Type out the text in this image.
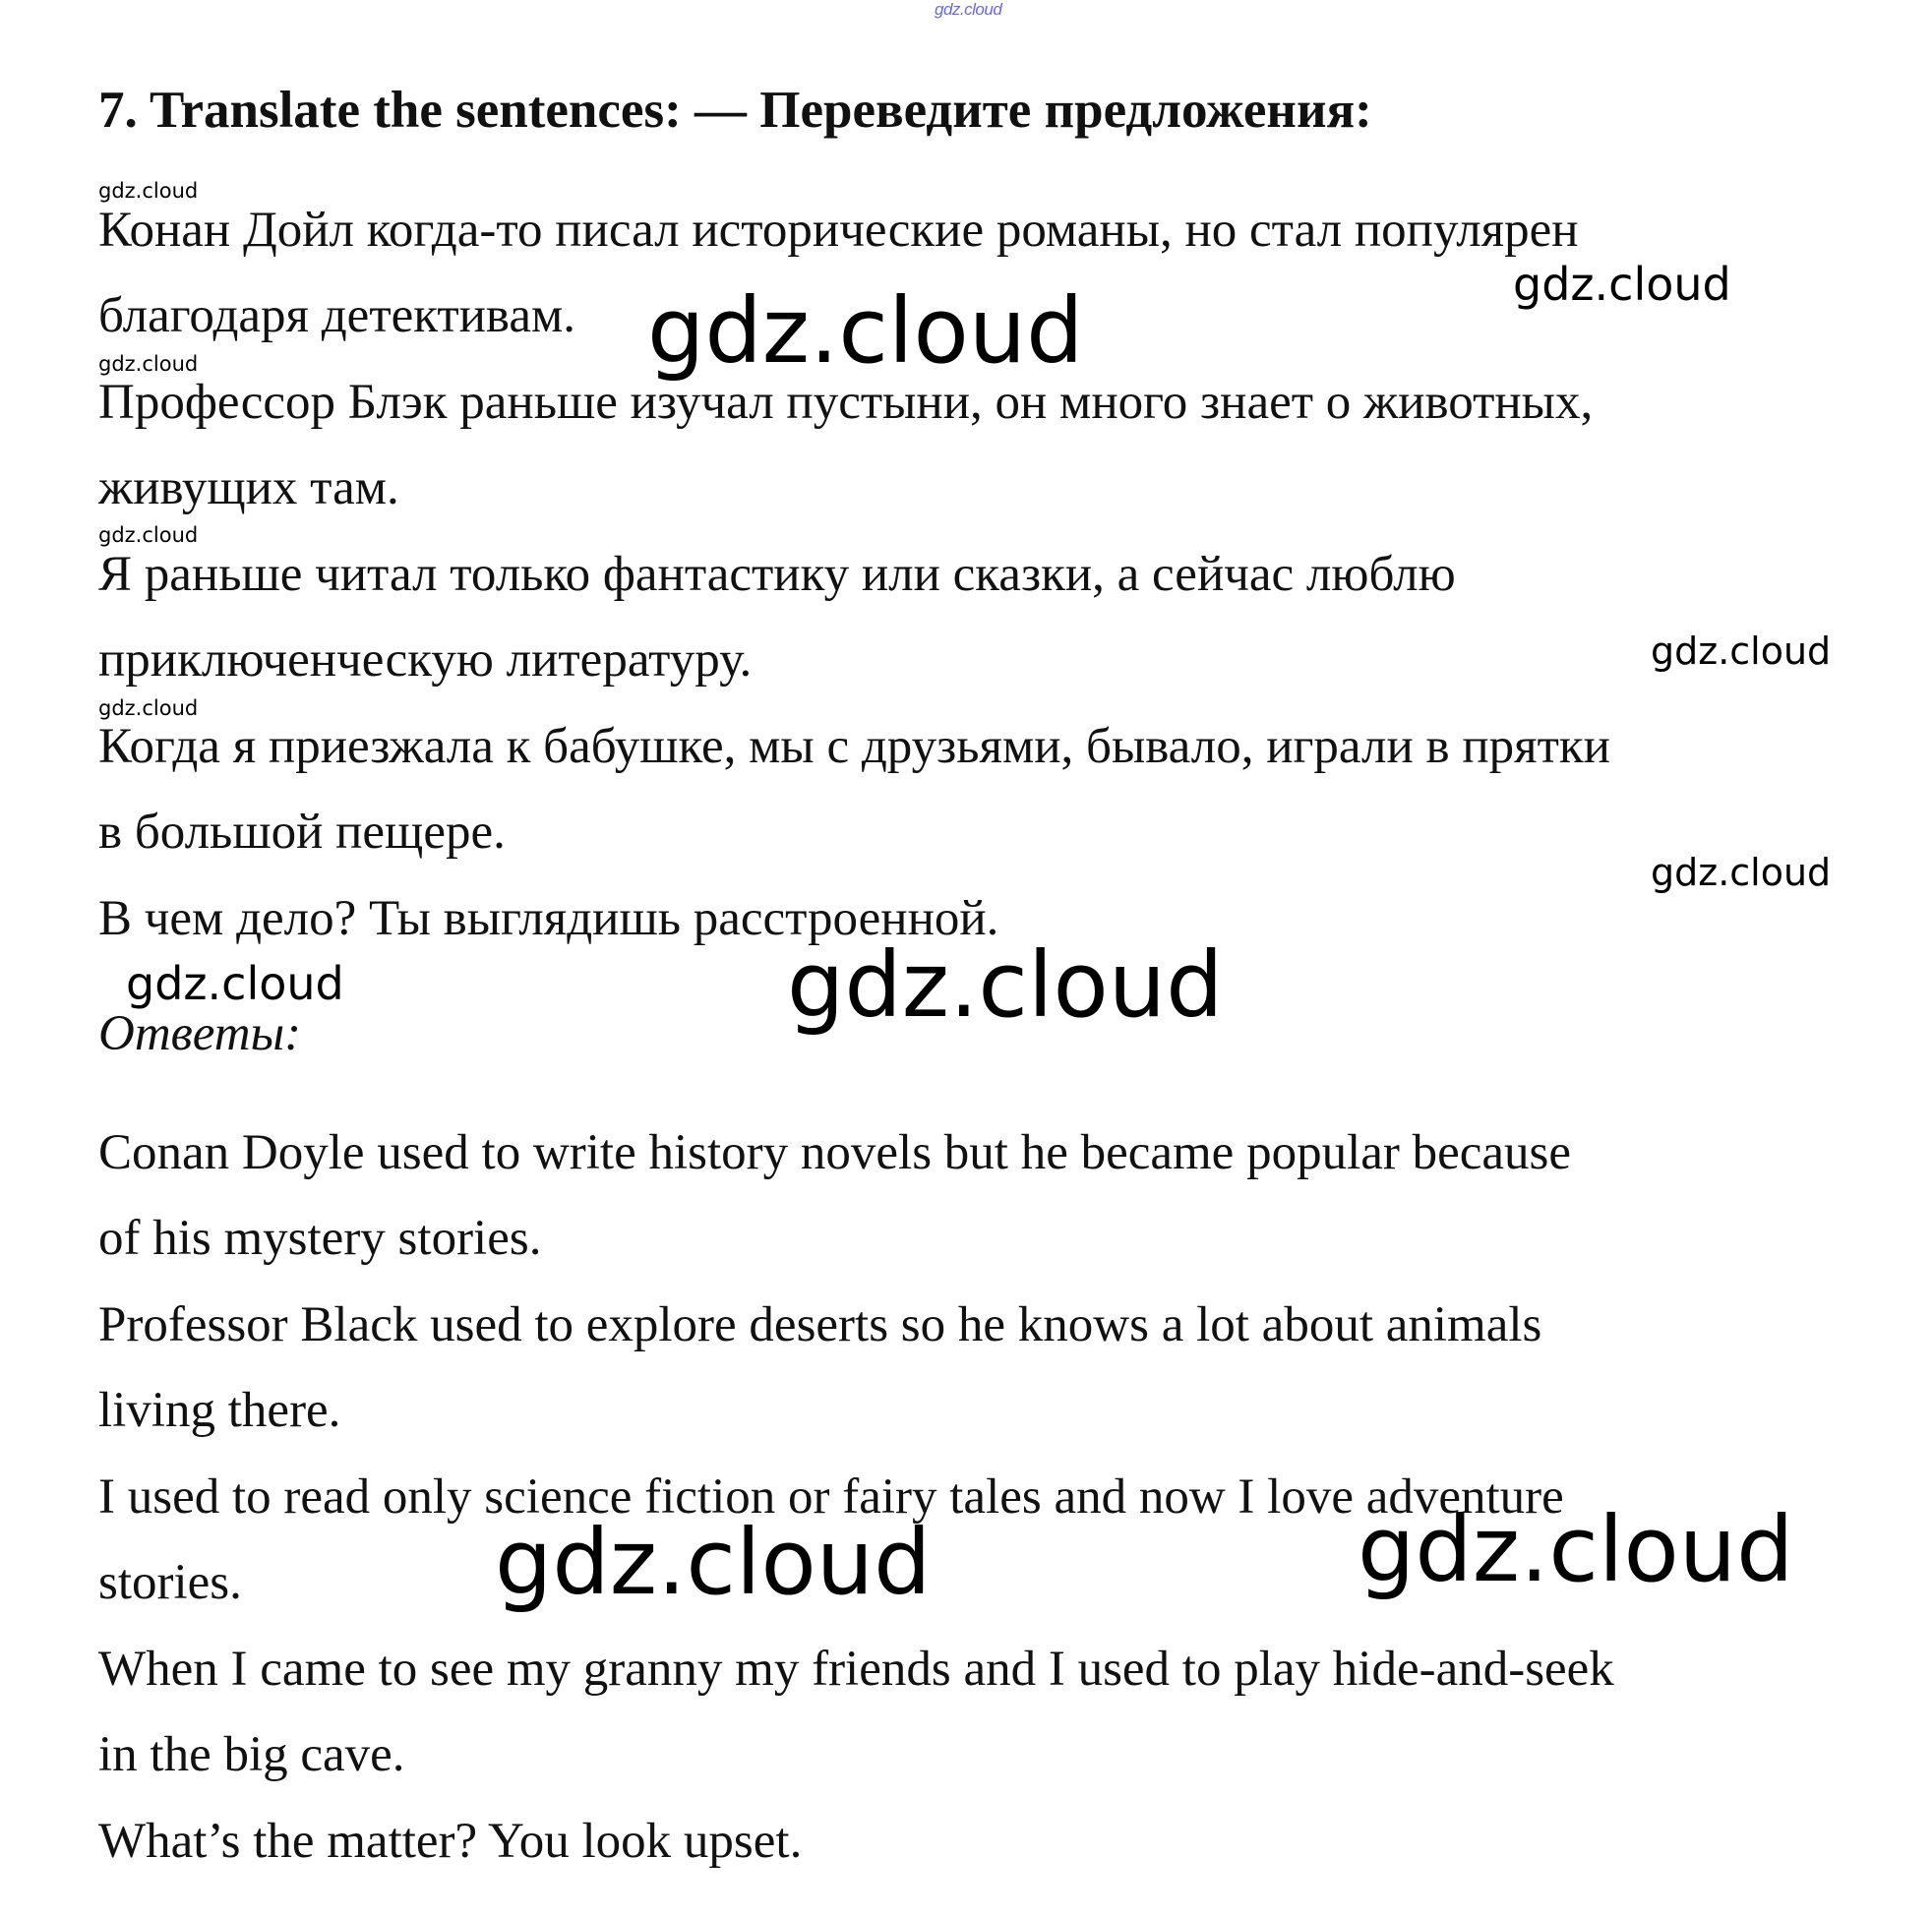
gdz.cloud
7. Translate the sentences: — Переведите предложения:
Конан Дойл когда-то писал исторические романы, но стал популярен
благодаря детективам.
Профессор Блэк раньше изучал пустыни, он много знает о животных,
живущих там.
Я раньше читал только фантастику или сказки, а сейчас люблю
приключенческую литературу.
Когда я приезжала к бабушке, мы с друзьями, бывало, играли в прятки
в большой пещере.
В чем дело? Ты выглядишь расстроенной.
Ответы:
Conan Doyle used to write history novels but he became popular because
of his mystery stories.
Professor Black used to explore deserts so he knows a lot about animals
living there.
I used to read only science fiction or fairy tales and now I love adventure
stories.
When I came to see my granny my friends and I used to play hide-and-seek
in the big cave.
What’s the matter? You look upset.
gdz.cloud
gdz.cloud
gdz.cloud
gdz.cloud
gdz.cloud	gdz.cloud
gdz.cloud
gdz.cloud
gdz.cloud	gdz.cloud
gdz.cloud	gdz.cloud
